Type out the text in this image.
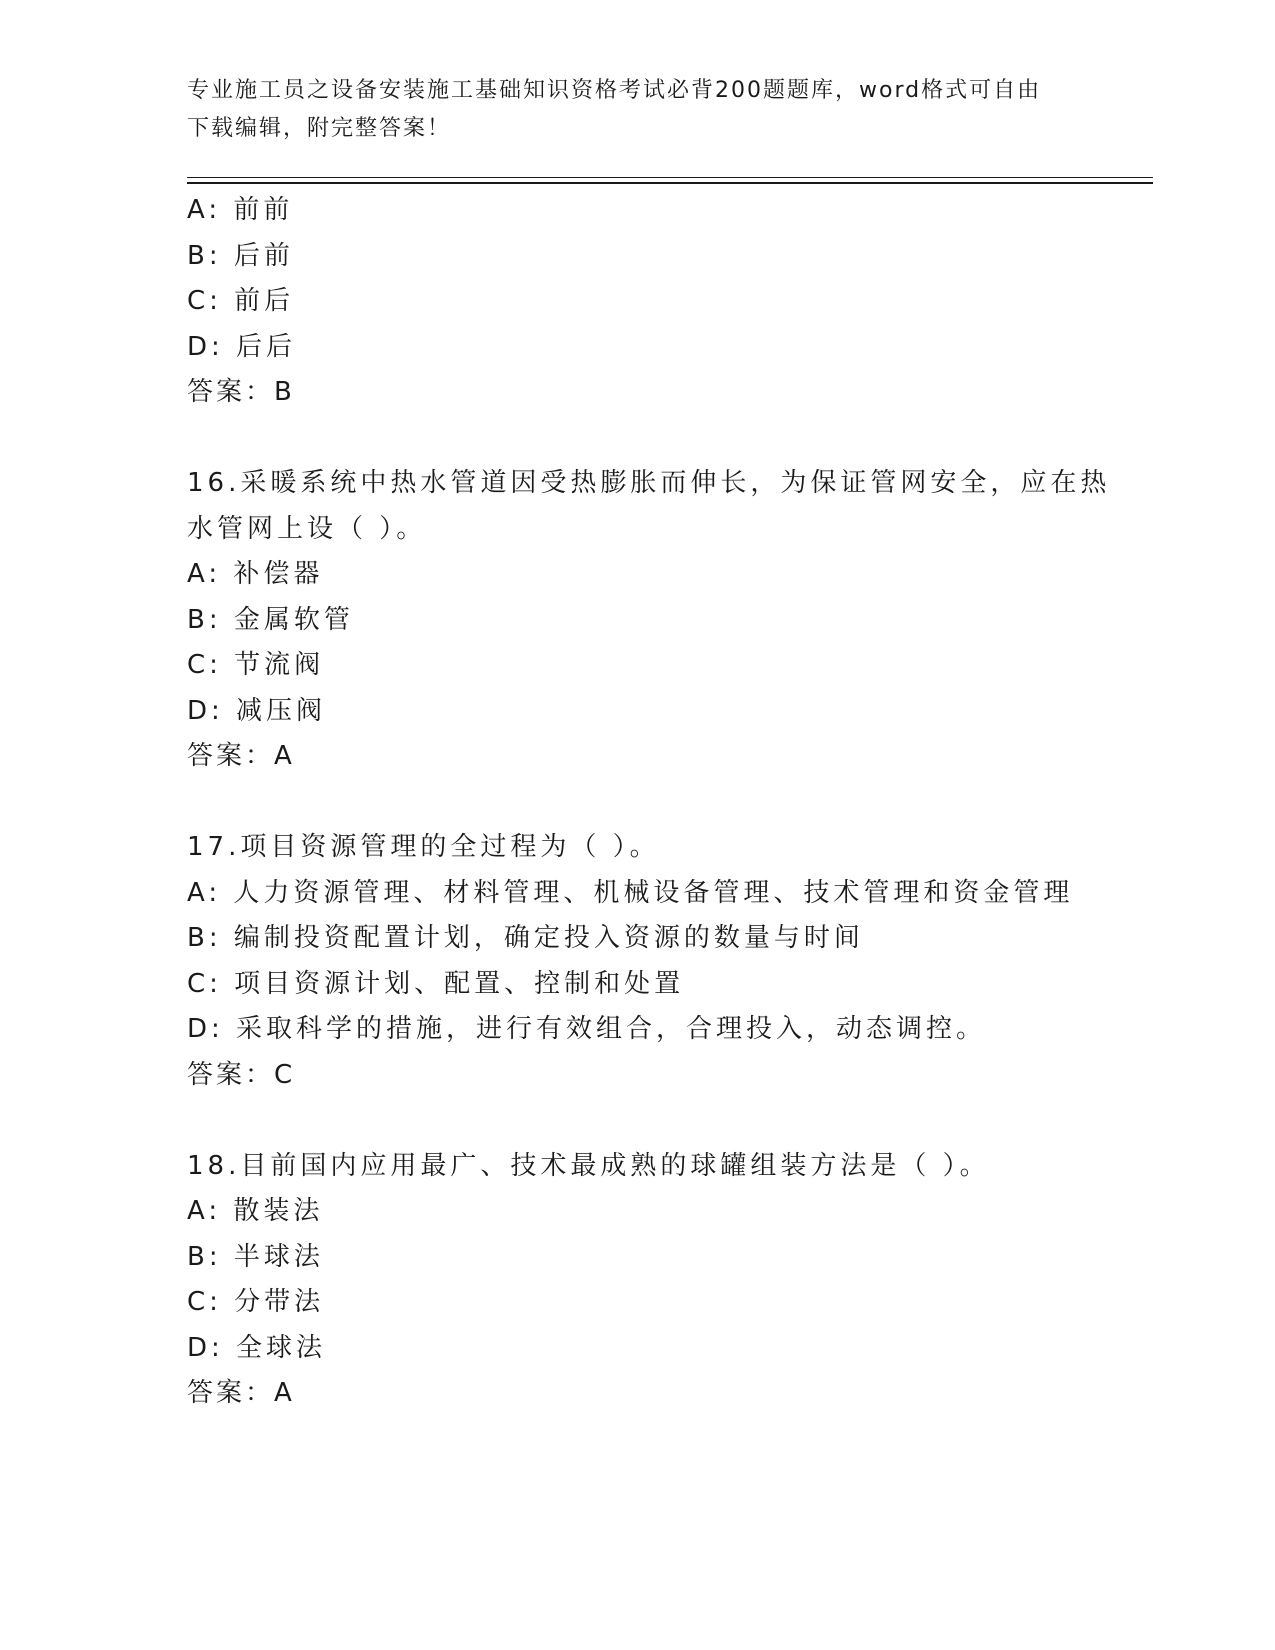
专业施工员之设备安装施工基础知识资格考试必背200题题库，word格式可自由
下载编辑，附完整答案！
A: 前前
B: 后前
C: 前后
D: 后后
答案：B
16.采暖系统中热水管道因受热膨胀而伸长，为保证管网安全，应在热
水管网上设（ ）。
A: 补偿器
B: 金属软管
C: 节流阀
D: 减压阀
答案：A
17.项目资源管理的全过程为（ ）。
A: 人力资源管理、材料管理、机械设备管理、技术管理和资金管理
B: 编制投资配置计划，确定投入资源的数量与时间
C: 项目资源计划、配置、控制和处置
D: 采取科学的措施，进行有效组合，合理投入，动态调控。
答案：C
18.目前国内应用最广、技术最成熟的球罐组装方法是（ ）。
A: 散装法
B: 半球法
C: 分带法
D: 全球法
答案：A
